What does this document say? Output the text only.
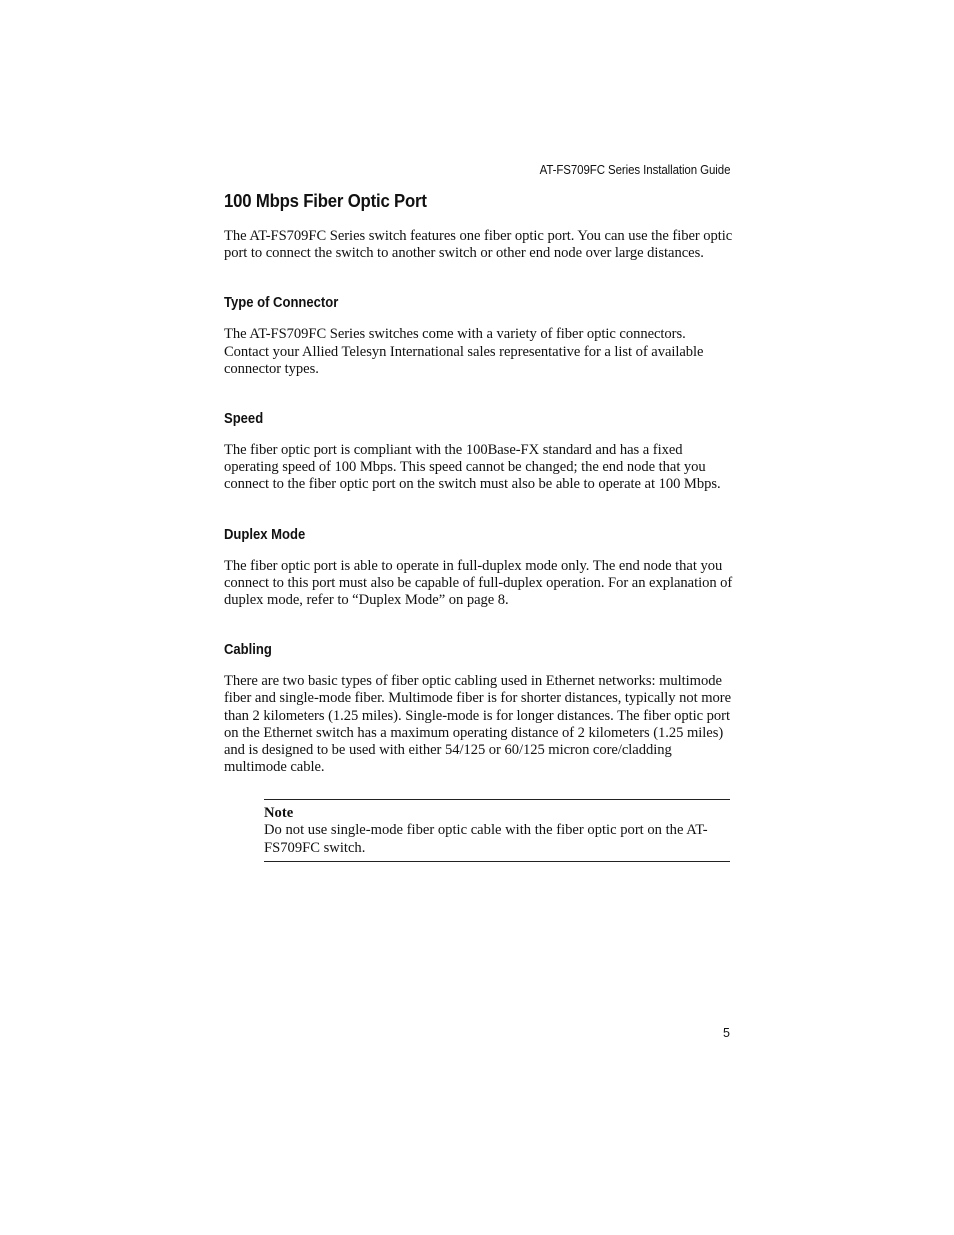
AT-FS709FC Series Installation Guide
100 Mbps Fiber Optic Port

The AT-FS709FC Series switch features one fiber optic port. You can use the fiber optic port to connect the switch to another switch or other end node over large distances.

Type of Connector

The AT-FS709FC Series switches come with a variety of fiber optic connectors. Contact your Allied Telesyn International sales representative for a list of available connector types.

Speed

The fiber optic port is compliant with the 100Base-FX standard and has a fixed operating speed of 100 Mbps. This speed cannot be changed; the end node that you connect to the fiber optic port on the switch must also be able to operate at 100 Mbps.

Duplex Mode

The fiber optic port is able to operate in full-duplex mode only. The end node that you connect to this port must also be capable of full-duplex operation. For an explanation of duplex mode, refer to “Duplex Mode” on page 8.

Cabling

There are two basic types of fiber optic cabling used in Ethernet networks: multimode fiber and single-mode fiber. Multimode fiber is for shorter distances, typically not more than 2 kilometers (1.25 miles). Single-mode is for longer distances. The fiber optic port on the Ethernet switch has a maximum operating distance of 2 kilometers (1.25 miles) and is designed to be used with either 54/125 or 60/125 micron core/cladding multimode cable.

Note
Do not use single-mode fiber optic cable with the fiber optic port on the AT-FS709FC switch.
5
